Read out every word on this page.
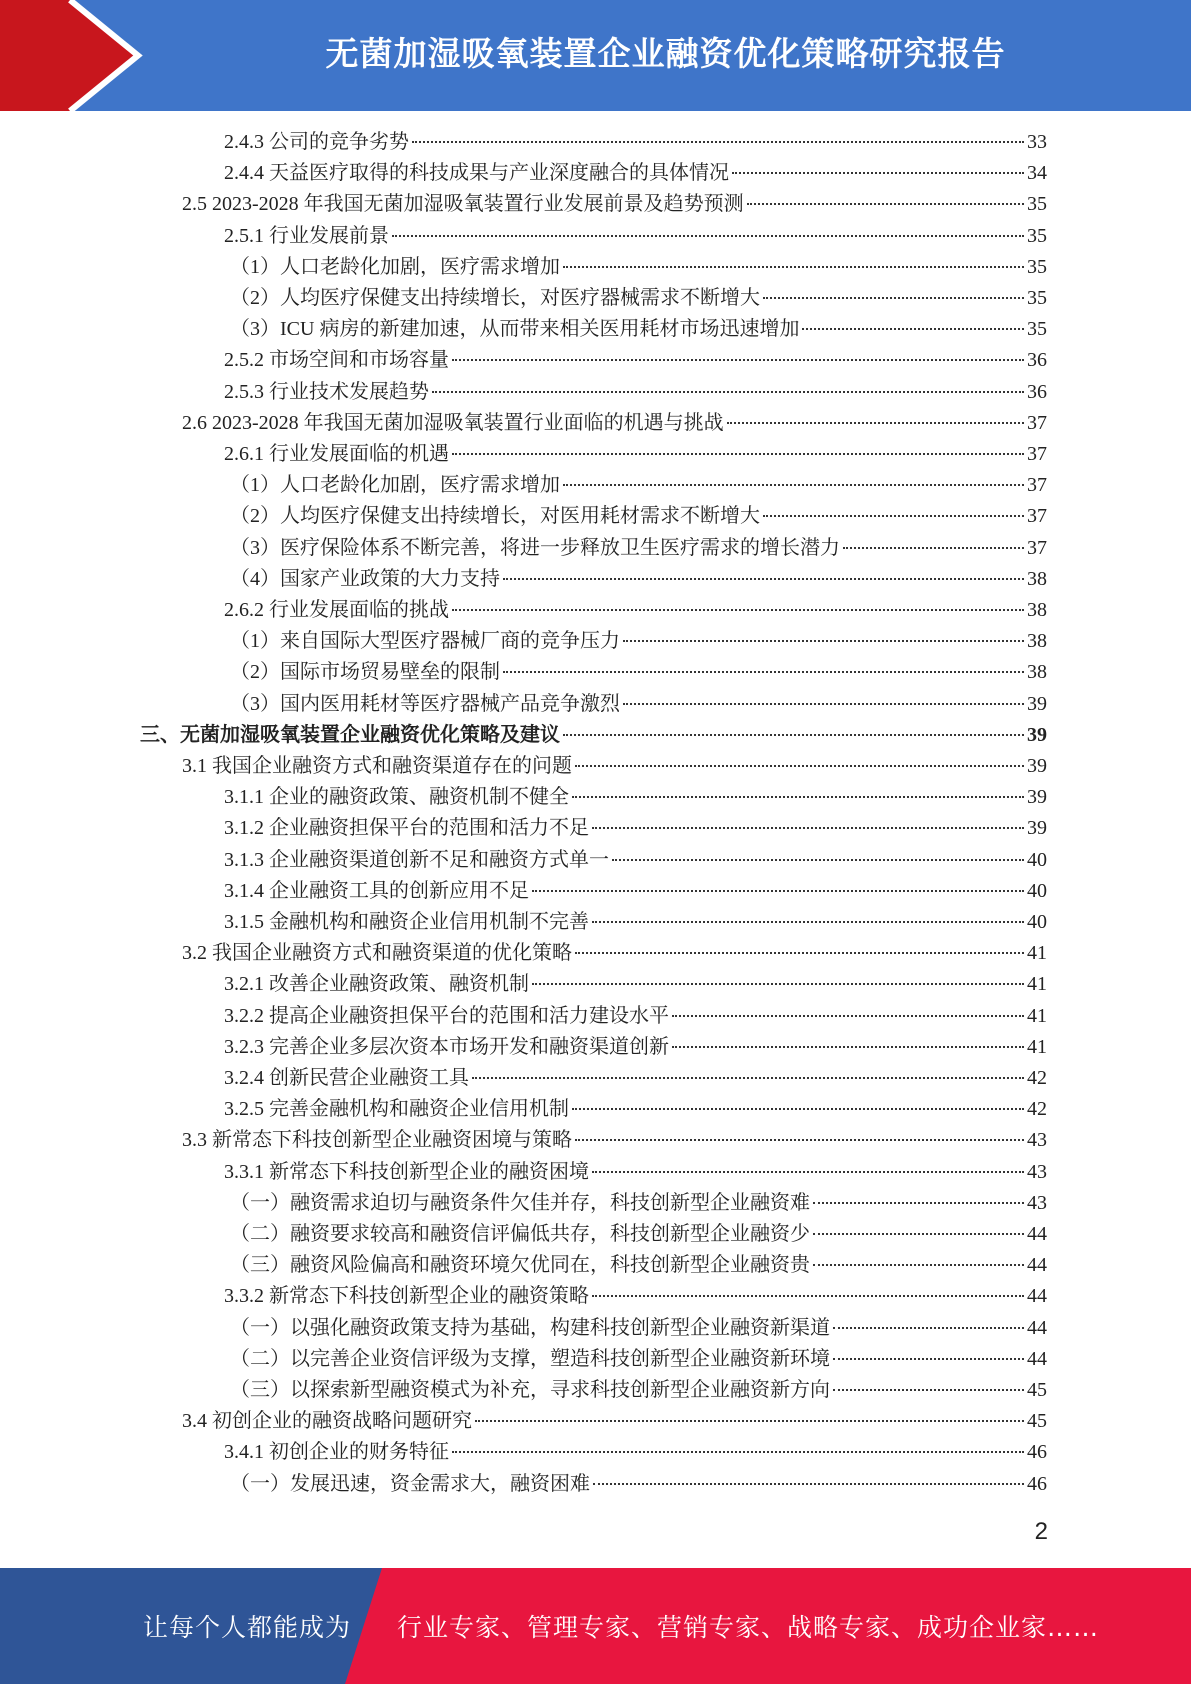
无菌加湿吸氧装置企业融资优化策略研究报告
2.4.3 公司的竞争劣势	33
2.4.4 天益医疗取得的科技成果与产业深度融合的具体情况	34
2.5 2023-2028 年我国无菌加湿吸氧装置行业发展前景及趋势预测	35
2.5.1 行业发展前景	35
（1）人口老龄化加剧，医疗需求增加	35
（2）人均医疗保健支出持续增长，对医疗器械需求不断增大	35
（3）ICU 病房的新建加速，从而带来相关医用耗材市场迅速增加	35
2.5.2 市场空间和市场容量	36
2.5.3 行业技术发展趋势	36
2.6 2023-2028 年我国无菌加湿吸氧装置行业面临的机遇与挑战	37
2.6.1 行业发展面临的机遇	37
（1）人口老龄化加剧，医疗需求增加	37
（2）人均医疗保健支出持续增长，对医用耗材需求不断增大	37
（3）医疗保险体系不断完善，将进一步释放卫生医疗需求的增长潜力	37
（4）国家产业政策的大力支持	38
2.6.2 行业发展面临的挑战	38
（1）来自国际大型医疗器械厂商的竞争压力	38
（2）国际市场贸易壁垒的限制	38
（3）国内医用耗材等医疗器械产品竞争激烈	39
三、无菌加湿吸氧装置企业融资优化策略及建议	39
3.1 我国企业融资方式和融资渠道存在的问题	39
3.1.1 企业的融资政策、融资机制不健全	39
3.1.2 企业融资担保平台的范围和活力不足	39
3.1.3 企业融资渠道创新不足和融资方式单一	40
3.1.4 企业融资工具的创新应用不足	40
3.1.5 金融机构和融资企业信用机制不完善	40
3.2 我国企业融资方式和融资渠道的优化策略	41
3.2.1 改善企业融资政策、融资机制	41
3.2.2 提高企业融资担保平台的范围和活力建设水平	41
3.2.3 完善企业多层次资本市场开发和融资渠道创新	41
3.2.4 创新民营企业融资工具	42
3.2.5 完善金融机构和融资企业信用机制	42
3.3 新常态下科技创新型企业融资困境与策略	43
3.3.1 新常态下科技创新型企业的融资困境	43
（一）融资需求迫切与融资条件欠佳并存，科技创新型企业融资难	43
（二）融资要求较高和融资信评偏低共存，科技创新型企业融资少	44
（三）融资风险偏高和融资环境欠优同在，科技创新型企业融资贵	44
3.3.2 新常态下科技创新型企业的融资策略	44
（一）以强化融资政策支持为基础，构建科技创新型企业融资新渠道	44
（二）以完善企业资信评级为支撑，塑造科技创新型企业融资新环境	44
（三）以探索新型融资模式为补充，寻求科技创新型企业融资新方向	45
3.4 初创企业的融资战略问题研究	45
3.4.1 初创企业的财务特征	46
（一）发展迅速，资金需求大，融资困难	46
2
让每个人都能成为 行业专家、管理专家、营销专家、战略专家、成功企业家……
